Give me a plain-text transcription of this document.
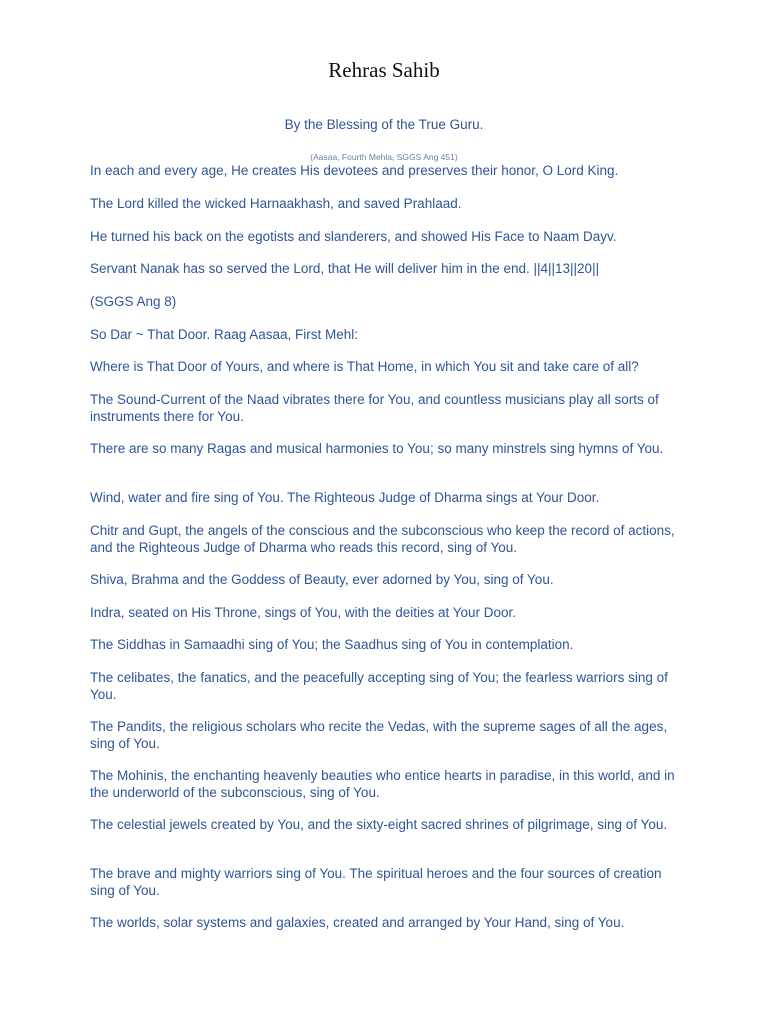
Rehras Sahib

By the Blessing of the True Guru.

(Aasaa, Fourth Mehla, SGGS Ang 451)

In each and every age, He creates His devotees and preserves their honor, O Lord King.

The Lord killed the wicked Harnaakhash, and saved Prahlaad.

He turned his back on the egotists and slanderers, and showed His Face to Naam Dayv.

Servant Nanak has so served the Lord, that He will deliver him in the end. ||4||13||20||

(SGGS Ang 8)

So Dar ~ That Door. Raag Aasaa, First Mehl:

Where is That Door of Yours, and where is That Home, in which You sit and take care of all?

The Sound-Current of the Naad vibrates there for You, and countless musicians play all sorts of instruments there for You.

There are so many Ragas and musical harmonies to You; so many minstrels sing hymns of You.

Wind, water and fire sing of You. The Righteous Judge of Dharma sings at Your Door.

Chitr and Gupt, the angels of the conscious and the subconscious who keep the record of actions, and the Righteous Judge of Dharma who reads this record, sing of You.

Shiva, Brahma and the Goddess of Beauty, ever adorned by You, sing of You.

Indra, seated on His Throne, sings of You, with the deities at Your Door.

The Siddhas in Samaadhi sing of You; the Saadhus sing of You in contemplation.

The celibates, the fanatics, and the peacefully accepting sing of You; the fearless warriors sing of You.

The Pandits, the religious scholars who recite the Vedas, with the supreme sages of all the ages, sing of You.

The Mohinis, the enchanting heavenly beauties who entice hearts in paradise, in this world, and in the underworld of the subconscious, sing of You.

The celestial jewels created by You, and the sixty-eight sacred shrines of pilgrimage, sing of You.

The brave and mighty warriors sing of You. The spiritual heroes and the four sources of creation sing of You.

The worlds, solar systems and galaxies, created and arranged by Your Hand, sing of You.
